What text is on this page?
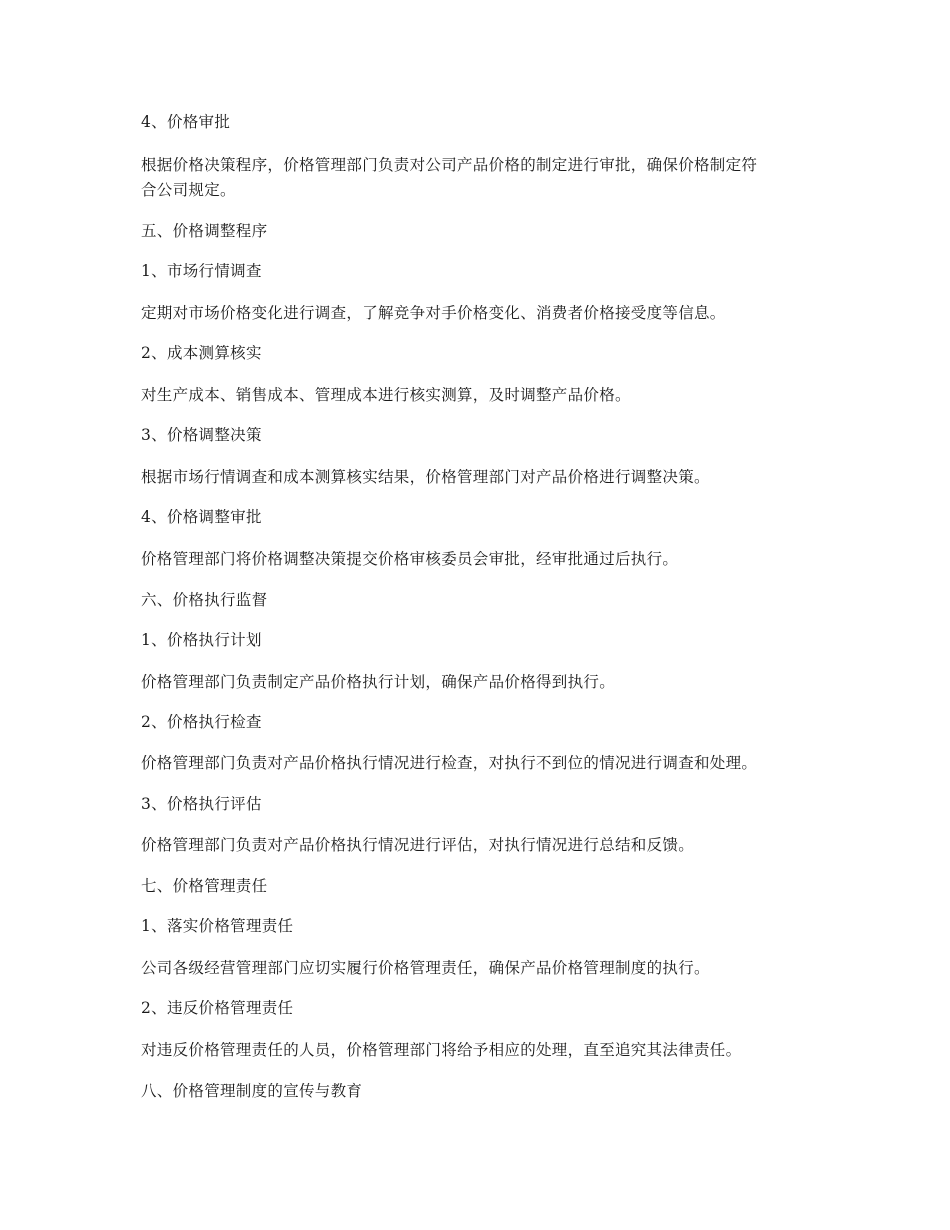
4、价格审批
根据价格决策程序，价格管理部门负责对公司产品价格的制定进行审批，确保价格制定符
合公司规定。
五、价格调整程序
1、市场行情调查
定期对市场价格变化进行调查，了解竞争对手价格变化、消费者价格接受度等信息。
2、成本测算核实
对生产成本、销售成本、管理成本进行核实测算，及时调整产品价格。
3、价格调整决策
根据市场行情调查和成本测算核实结果，价格管理部门对产品价格进行调整决策。
4、价格调整审批
价格管理部门将价格调整决策提交价格审核委员会审批，经审批通过后执行。
六、价格执行监督
1、价格执行计划
价格管理部门负责制定产品价格执行计划，确保产品价格得到执行。
2、价格执行检查
价格管理部门负责对产品价格执行情况进行检查，对执行不到位的情况进行调查和处理。
3、价格执行评估
价格管理部门负责对产品价格执行情况进行评估，对执行情况进行总结和反馈。
七、价格管理责任
1、落实价格管理责任
公司各级经营管理部门应切实履行价格管理责任，确保产品价格管理制度的执行。
2、违反价格管理责任
对违反价格管理责任的人员，价格管理部门将给予相应的处理，直至追究其法律责任。
八、价格管理制度的宣传与教育
